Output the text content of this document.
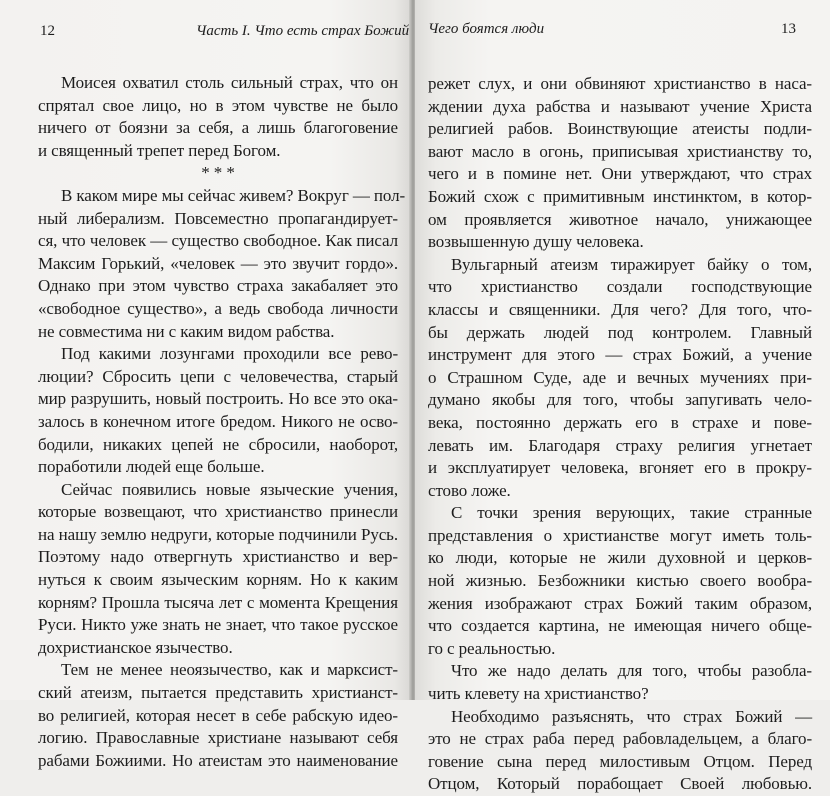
12	Часть I. Что есть страх Божий
Моисея охватил столь сильный страх, что он
спрятал свое лицо, но в этом чувстве не было
ничего от боязни за себя, а лишь благоговение
и священный трепет перед Богом.
* * *
В каком мире мы сейчас живем? Вокруг — пол-
ный либерализм. Повсеместно пропагандирует-
ся, что человек — существо свободное. Как писал
Максим Горький, «человек — это звучит гордо».
Однако при этом чувство страха закабаляет это
«свободное существо», а ведь свобода личности
не совместима ни с каким видом рабства.
Под какими лозунгами проходили все рево-
люции? Сбросить цепи с человечества, старый
мир разрушить, новый построить. Но все это ока-
залось в конечном итоге бредом. Никого не осво-
бодили, никаких цепей не сбросили, наоборот,
поработили людей еще больше.
Сейчас появились новые языческие учения,
которые возвещают, что христианство принесли
на нашу землю недруги, которые подчинили Русь.
Поэтому надо отвергнуть христианство и вер-
нуться к своим языческим корням. Но к каким
корням? Прошла тысяча лет с момента Крещения
Руси. Никто уже знать не знает, что такое русское
дохристианское язычество.
Тем не менее неоязычество, как и марксист-
ский атеизм, пытается представить христианст-
во религией, которая несет в себе рабскую идео-
логию. Православные христиане называют себя
рабами Божиими. Но атеистам это наименование
Чего боятся люди	13
режет слух, и они обвиняют христианство в наса-
ждении духа рабства и называют учение Христа
религией рабов. Воинствующие атеисты подли-
вают масло в огонь, приписывая христианству то,
чего и в помине нет. Они утверждают, что страх
Божий схож с примитивным инстинктом, в котор-
ом проявляется животное начало, унижающее
возвышенную душу человека.
Вульгарный атеизм тиражирует байку о том,
что христианство создали господствующие
классы и священники. Для чего? Для того, что-
бы держать людей под контролем. Главный
инструмент для этого — страх Божий, а учение
о Страшном Суде, аде и вечных мучениях при-
думано якобы для того, чтобы запугивать чело-
века, постоянно держать его в страхе и пове-
левать им. Благодаря страху религия угнетает
и эксплуатирует человека, вгоняет его в прокру-
стово ложе.
С точки зрения верующих, такие странные
представления о христианстве могут иметь толь-
ко люди, которые не жили духовной и церков-
ной жизнью. Безбожники кистью своего вообра-
жения изображают страх Божий таким образом,
что создается картина, не имеющая ничего обще-
го с реальностью.
Что же надо делать для того, чтобы разобла-
чить клевету на христианство?
Необходимо разъяснять, что страх Божий —
это не страх раба перед рабовладельцем, а благо-
говение сына перед милостивым Отцом. Перед
Отцом, Который порабощает Своей любовью.
